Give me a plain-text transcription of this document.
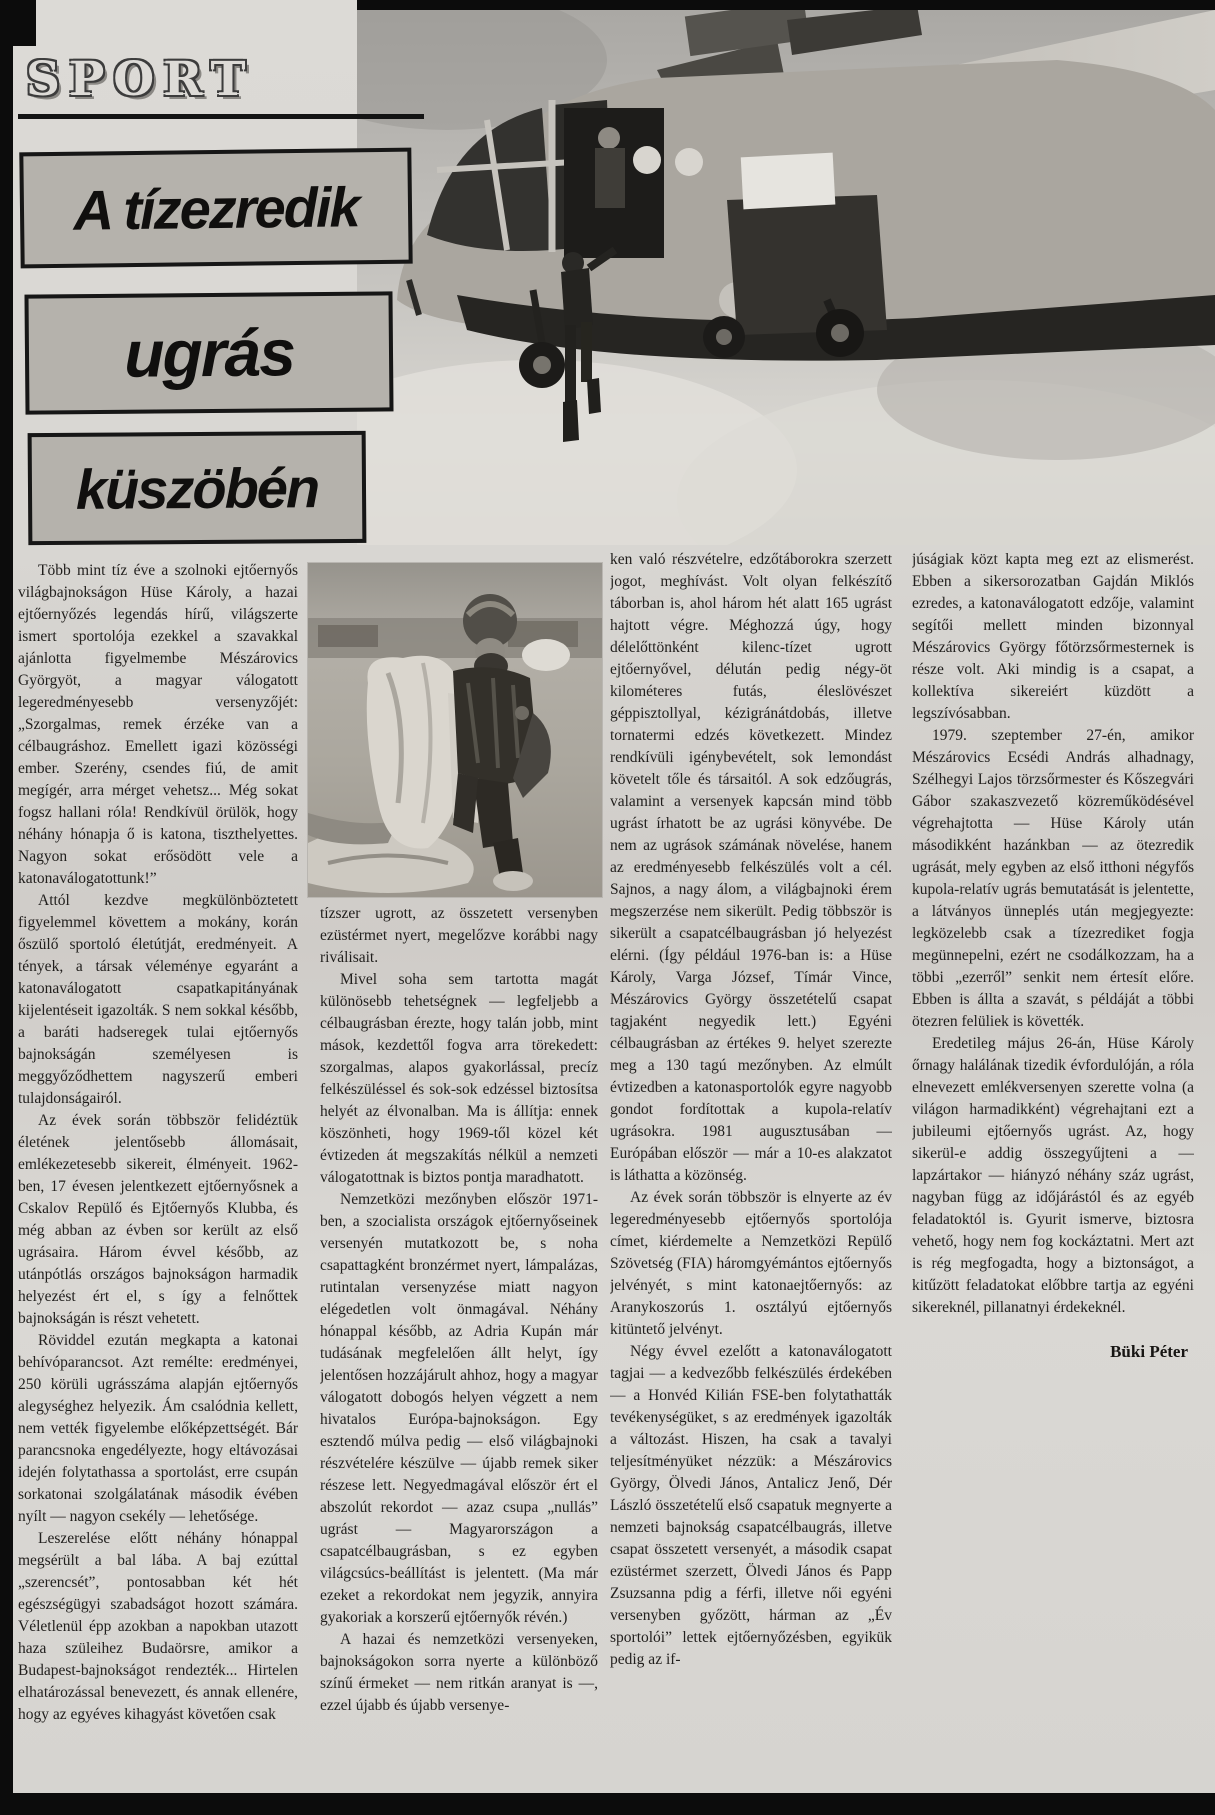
SPORT
A tízezredik
ugrás
küszöbén

Több mint tíz éve a szolnoki ejtőernyős világbajnokságon Hüse Károly, a hazai ejtőernyőzés legendás hírű, világszerte ismert sportolója ezekkel a szavakkal ajánlotta figyelmembe Mészárovics Györgyöt, a magyar válogatott legeredményesebb versenyzőjét: „Szorgalmas, remek érzéke van a célbaugráshoz. Emellett igazi közösségi ember. Szerény, csendes fiú, de amit megígér, arra mérget vehetsz... Még sokat fogsz hallani róla! Rendkívül örülök, hogy néhány hónapja ő is katona, tiszthelyettes. Nagyon sokat erősödött vele a katonaválogatottunk!”

Attól kezdve megkülönböztetett figyelemmel követtem a mokány, korán őszülő sportoló életútját, eredményeit. A tények, a társak véleménye egyaránt a katonaválogatott csapatkapitányának kijelentéseit igazolták. S nem sokkal később, a baráti hadseregek tulai ejtőernyős bajnokságán személyesen is meggyőződhettem nagyszerű emberi tulajdonságairól.

Az évek során többször felidéztük életének jelentősebb állomásait, emlékezetesebb sikereit, élményeit. 1962-ben, 17 évesen jelentkezett ejtőernyősnek a Cskalov Repülő és Ejtőernyős Klubba, és még abban az évben sor került az első ugrásaira. Három évvel később, az utánpótlás országos bajnokságon harmadik helyezést ért el, s így a felnőttek bajnokságán is részt vehetett.

Röviddel ezután megkapta a katonai behívóparancsot. Azt remélte: eredményei, 250 körüli ugrásszáma alapján ejtőernyős alegységhez helyezik. Ám csalódnia kellett, nem vették figyelembe előképzettségét. Bár parancsnoka engedélyezte, hogy eltávozásai idején folytathassa a sportolást, erre csupán sorkatonai szolgálatának második évében nyílt — nagyon csekély — lehetősége.

Leszerelése előtt néhány hónappal megsérült a bal lába. A baj ezúttal „szerencsét”, pontosabban két hét egészségügyi szabadságot hozott számára. Véletlenül épp azokban a napokban utazott haza szüleihez Budaörsre, amikor a Budapest-bajnokságot rendezték... Hirtelen elhatározással benevezett, és annak ellenére, hogy az egyéves kihagyást követően csak

tízszer ugrott, az összetett versenyben ezüstérmet nyert, megelőzve korábbi nagy riválisait.

Mivel soha sem tartotta magát különösebb tehetségnek — legfeljebb a célbaugrásban érezte, hogy talán jobb, mint mások, kezdettől fogva arra törekedett: szorgalmas, alapos gyakorlással, precíz felkészüléssel és sok-sok edzéssel biztosítsa helyét az élvonalban. Ma is állítja: ennek köszönheti, hogy 1969-től közel két évtizeden át megszakítás nélkül a nemzeti válogatottnak is biztos pontja maradhatott.

Nemzetközi mezőnyben először 1971-ben, a szocialista országok ejtőernyőseinek versenyén mutatkozott be, s noha csapattagként bronzérmet nyert, lámpalázas, rutintalan versenyzése miatt nagyon elégedetlen volt önmagával. Néhány hónappal később, az Adria Kupán már tudásának megfelelően állt helyt, így jelentősen hozzájárult ahhoz, hogy a magyar válogatott dobogós helyen végzett a nem hivatalos Európa-bajnokságon. Egy esztendő múlva pedig — első világbajnoki részvételére készülve — újabb remek siker részese lett. Negyedmagával először ért el abszolút rekordot — azaz csupa „nullás” ugrást — Magyarországon a csapatcélbaugrásban, s ez egyben világcsúcs-beállítást is jelentett. (Ma már ezeket a rekordokat nem jegyzik, annyira gyakoriak a korszerű ejtőernyők révén.)

A hazai és nemzetközi versenyeken, bajnokságokon sorra nyerte a különböző színű érmeket — nem ritkán aranyat is —, ezzel újabb és újabb versenye-

ken való részvételre, edzőtáborokra szerzett jogot, meghívást. Volt olyan felkészítő táborban is, ahol három hét alatt 165 ugrást hajtott végre. Méghozzá úgy, hogy délelőttönként kilenc-tízet ugrott ejtőernyővel, délután pedig négy-öt kilométeres futás, éleslövészet géppisztollyal, kézigránátdobás, illetve tornatermi edzés következett. Mindez rendkívüli igénybevételt, sok lemondást követelt tőle és társaitól. A sok edzőugrás, valamint a versenyek kapcsán mind több ugrást írhatott be az ugrási könyvébe. De nem az ugrások számának növelése, hanem az eredményesebb felkészülés volt a cél. Sajnos, a nagy álom, a világbajnoki érem megszerzése nem sikerült. Pedig többször is sikerült a csapatcélbaugrásban jó helyezést elérni. (Így például 1976-ban is: a Hüse Károly, Varga József, Tímár Vince, Mészárovics György összetételű csapat tagjaként negyedik lett.) Egyéni célbaugrásban az értékes 9. helyet szerezte meg a 130 tagú mezőnyben. Az elmúlt évtizedben a katonasportolók egyre nagyobb gondot fordítottak a kupola-relatív ugrásokra. 1981 augusztusában — Európában először — már a 10-es alakzatot is láthatta a közönség.

Az évek során többször is elnyerte az év legeredményesebb ejtőernyős sportolója címet, kiérdemelte a Nemzetközi Repülő Szövetség (FIA) háromgyémántos ejtőernyős jelvényét, s mint katonaejtőernyős: az Aranykoszorús 1. osztályú ejtőernyős kitüntető jelvényt.

Négy évvel ezelőtt a katonaválogatott tagjai — a kedvezőbb felkészülés érdekében — a Honvéd Kilián FSE-ben folytathatták tevékenységüket, s az eredmények igazolták a változást. Hiszen, ha csak a tavalyi teljesítményüket nézzük: a Mészárovics György, Ölvedi János, Antalicz Jenő, Dér László összetételű első csapatuk megnyerte a nemzeti bajnokság csapatcélbaugrás, illetve csapat összetett versenyét, a második csapat ezüstérmet szerzett, Ölvedi János és Papp Zsuzsanna pdig a férfi, illetve női egyéni versenyben győzött, hárman az „Év sportolói” lettek ejtőernyőzésben, egyikük pedig az if-

júságiak közt kapta meg ezt az elismerést. Ebben a sikersorozatban Gajdán Miklós ezredes, a katonaválogatott edzője, valamint segítői mellett minden bizonnyal Mészárovics György főtörzsőrmesternek is része volt. Aki mindig is a csapat, a kollektíva sikereiért küzdött a legszívósabban.

1979. szeptember 27-én, amikor Mészárovics Ecsédi András alhadnagy, Szélhegyi Lajos törzsőrmester és Kőszegvári Gábor szakaszvezető közreműködésével végrehajtotta — Hüse Károly után másodikként hazánkban — az ötezredik ugrását, mely egyben az első itthoni négyfős kupola-relatív ugrás bemutatását is jelentette, a látványos ünneplés után megjegyezte: legközelebb csak a tízezrediket fogja megünnepelni, ezért ne csodálkozzam, ha a többi „ezerről” senkit nem értesít előre. Ebben is állta a szavát, s példáját a többi ötezren felüliek is követték.

Eredetileg május 26-án, Hüse Károly őrnagy halálának tizedik évfordulóján, a róla elnevezett emlékversenyen szerette volna (a világon harmadikként) végrehajtani ezt a jubileumi ejtőernyős ugrást. Az, hogy sikerül-e addig összegyűjteni a — lapzártakor — hiányzó néhány száz ugrást, nagyban függ az időjárástól és az egyéb feladatoktól is. Gyurit ismerve, biztosra vehető, hogy nem fog kockáztatni. Mert azt is rég megfogadta, hogy a biztonságot, a kitűzött feladatokat előbbre tartja az egyéni sikereknél, pillanatnyi érdekeknél.

Büki Péter
